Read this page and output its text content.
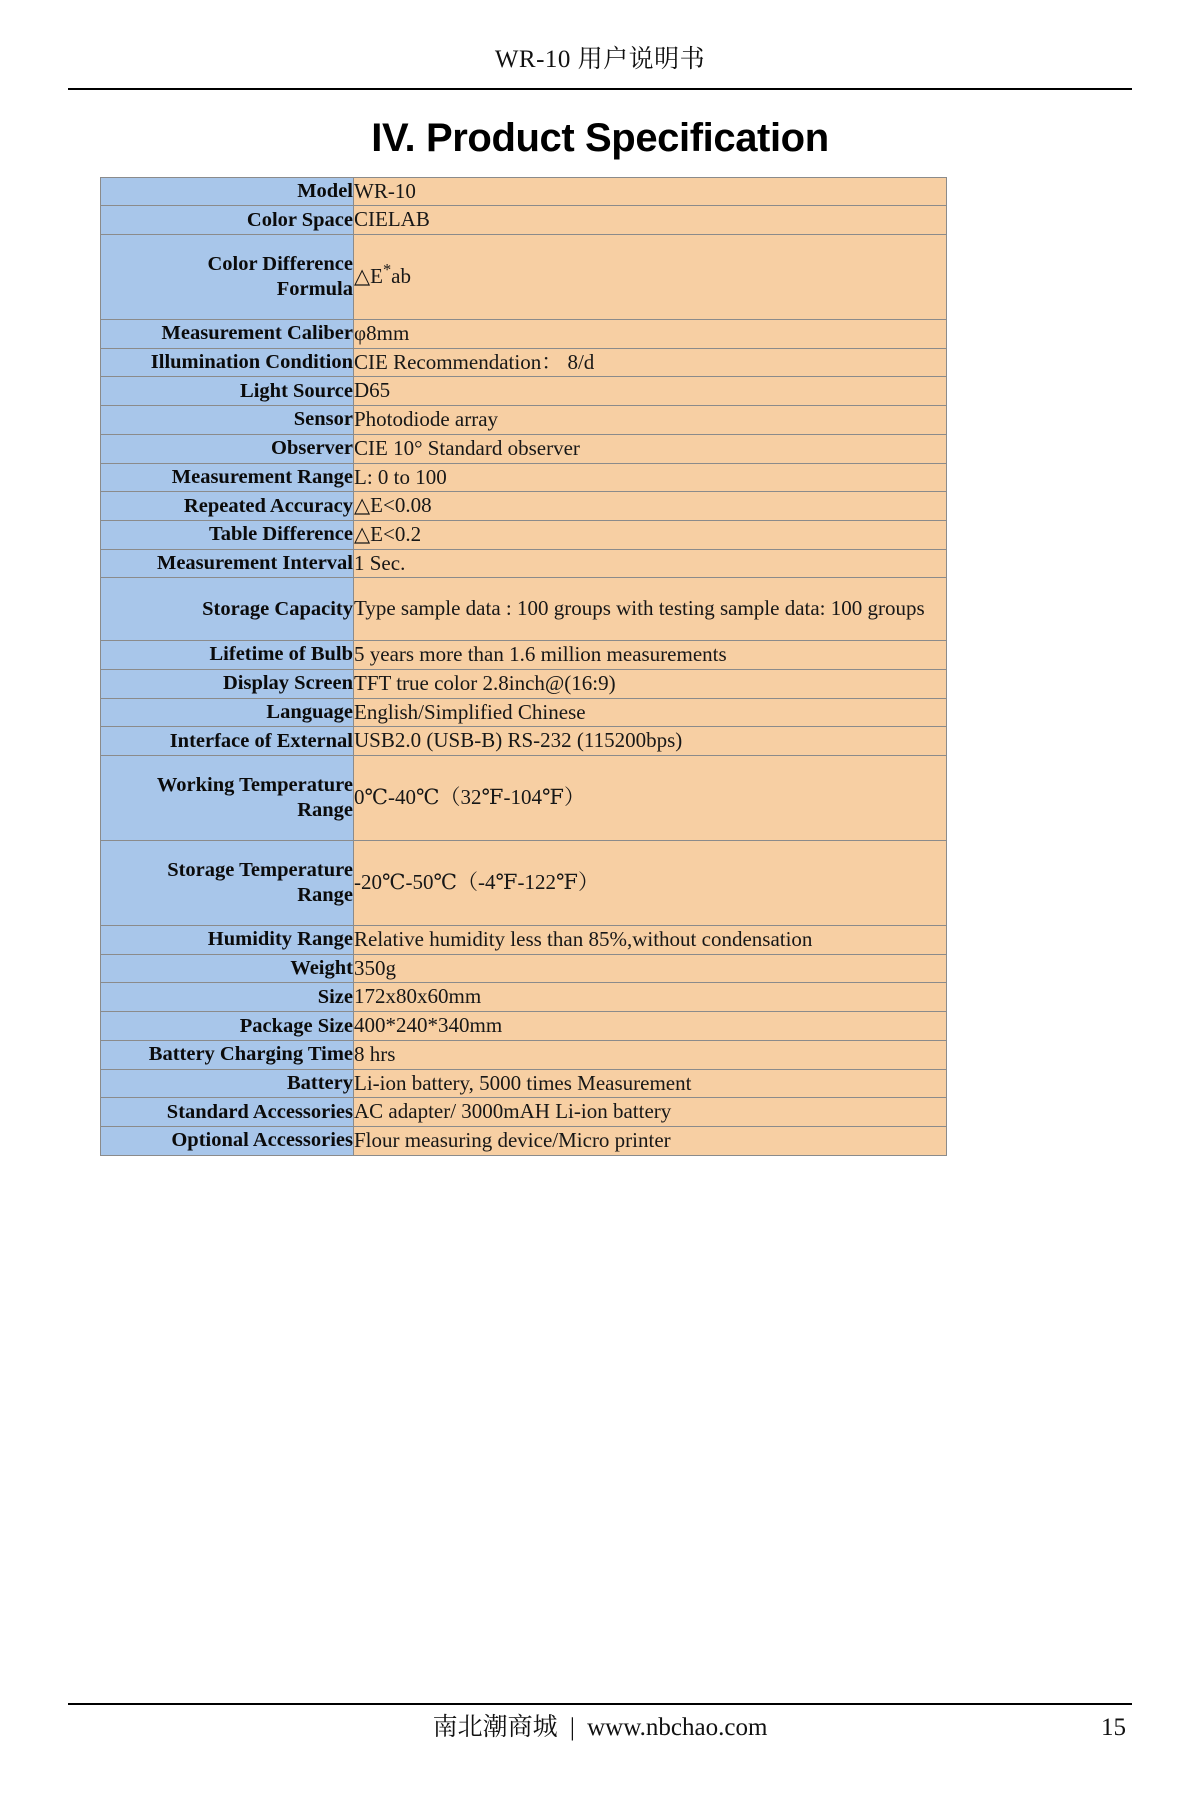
WR-10 用户说明书
IV. Product Specification
Model	WR-10
Color Space	CIELAB

Color Difference
Formula	△E*ab
Measurement Caliber	φ8mm
Illumination Condition	CIE Recommendation： 8/d
Light Source	D65
Sensor	Photodiode array
Observer	CIE 10° Standard observer
Measurement Range	L: 0 to 100
Repeated Accuracy	△E<0.08
Table Difference	△E<0.2
Measurement Interval	1 Sec.
Storage Capacity	Type sample data : 100 groups with testing sample data: 100 groups
Lifetime of Bulb	5 years more than 1.6 million measurements
Display Screen	TFT true color 2.8inch@(16:9)
Language	English/Simplified Chinese
Interface of External	USB2.0 (USB-B) RS-232 (115200bps)

Working Temperature
Range	0℃-40℃（32℉-104℉）

Storage Temperature
Range	-20℃-50℃（-4℉-122℉）
Humidity Range	Relative humidity less than 85%,without condensation
Weight	350g
Size	172x80x60mm
Package Size	400*240*340mm
Battery Charging Time	8 hrs
Battery	Li-ion battery, 5000 times Measurement
Standard Accessories	AC adapter/ 3000mAH Li-ion battery
Optional Accessories	Flour measuring device/Micro printer
南北潮商城 | www.nbchao.com	15
